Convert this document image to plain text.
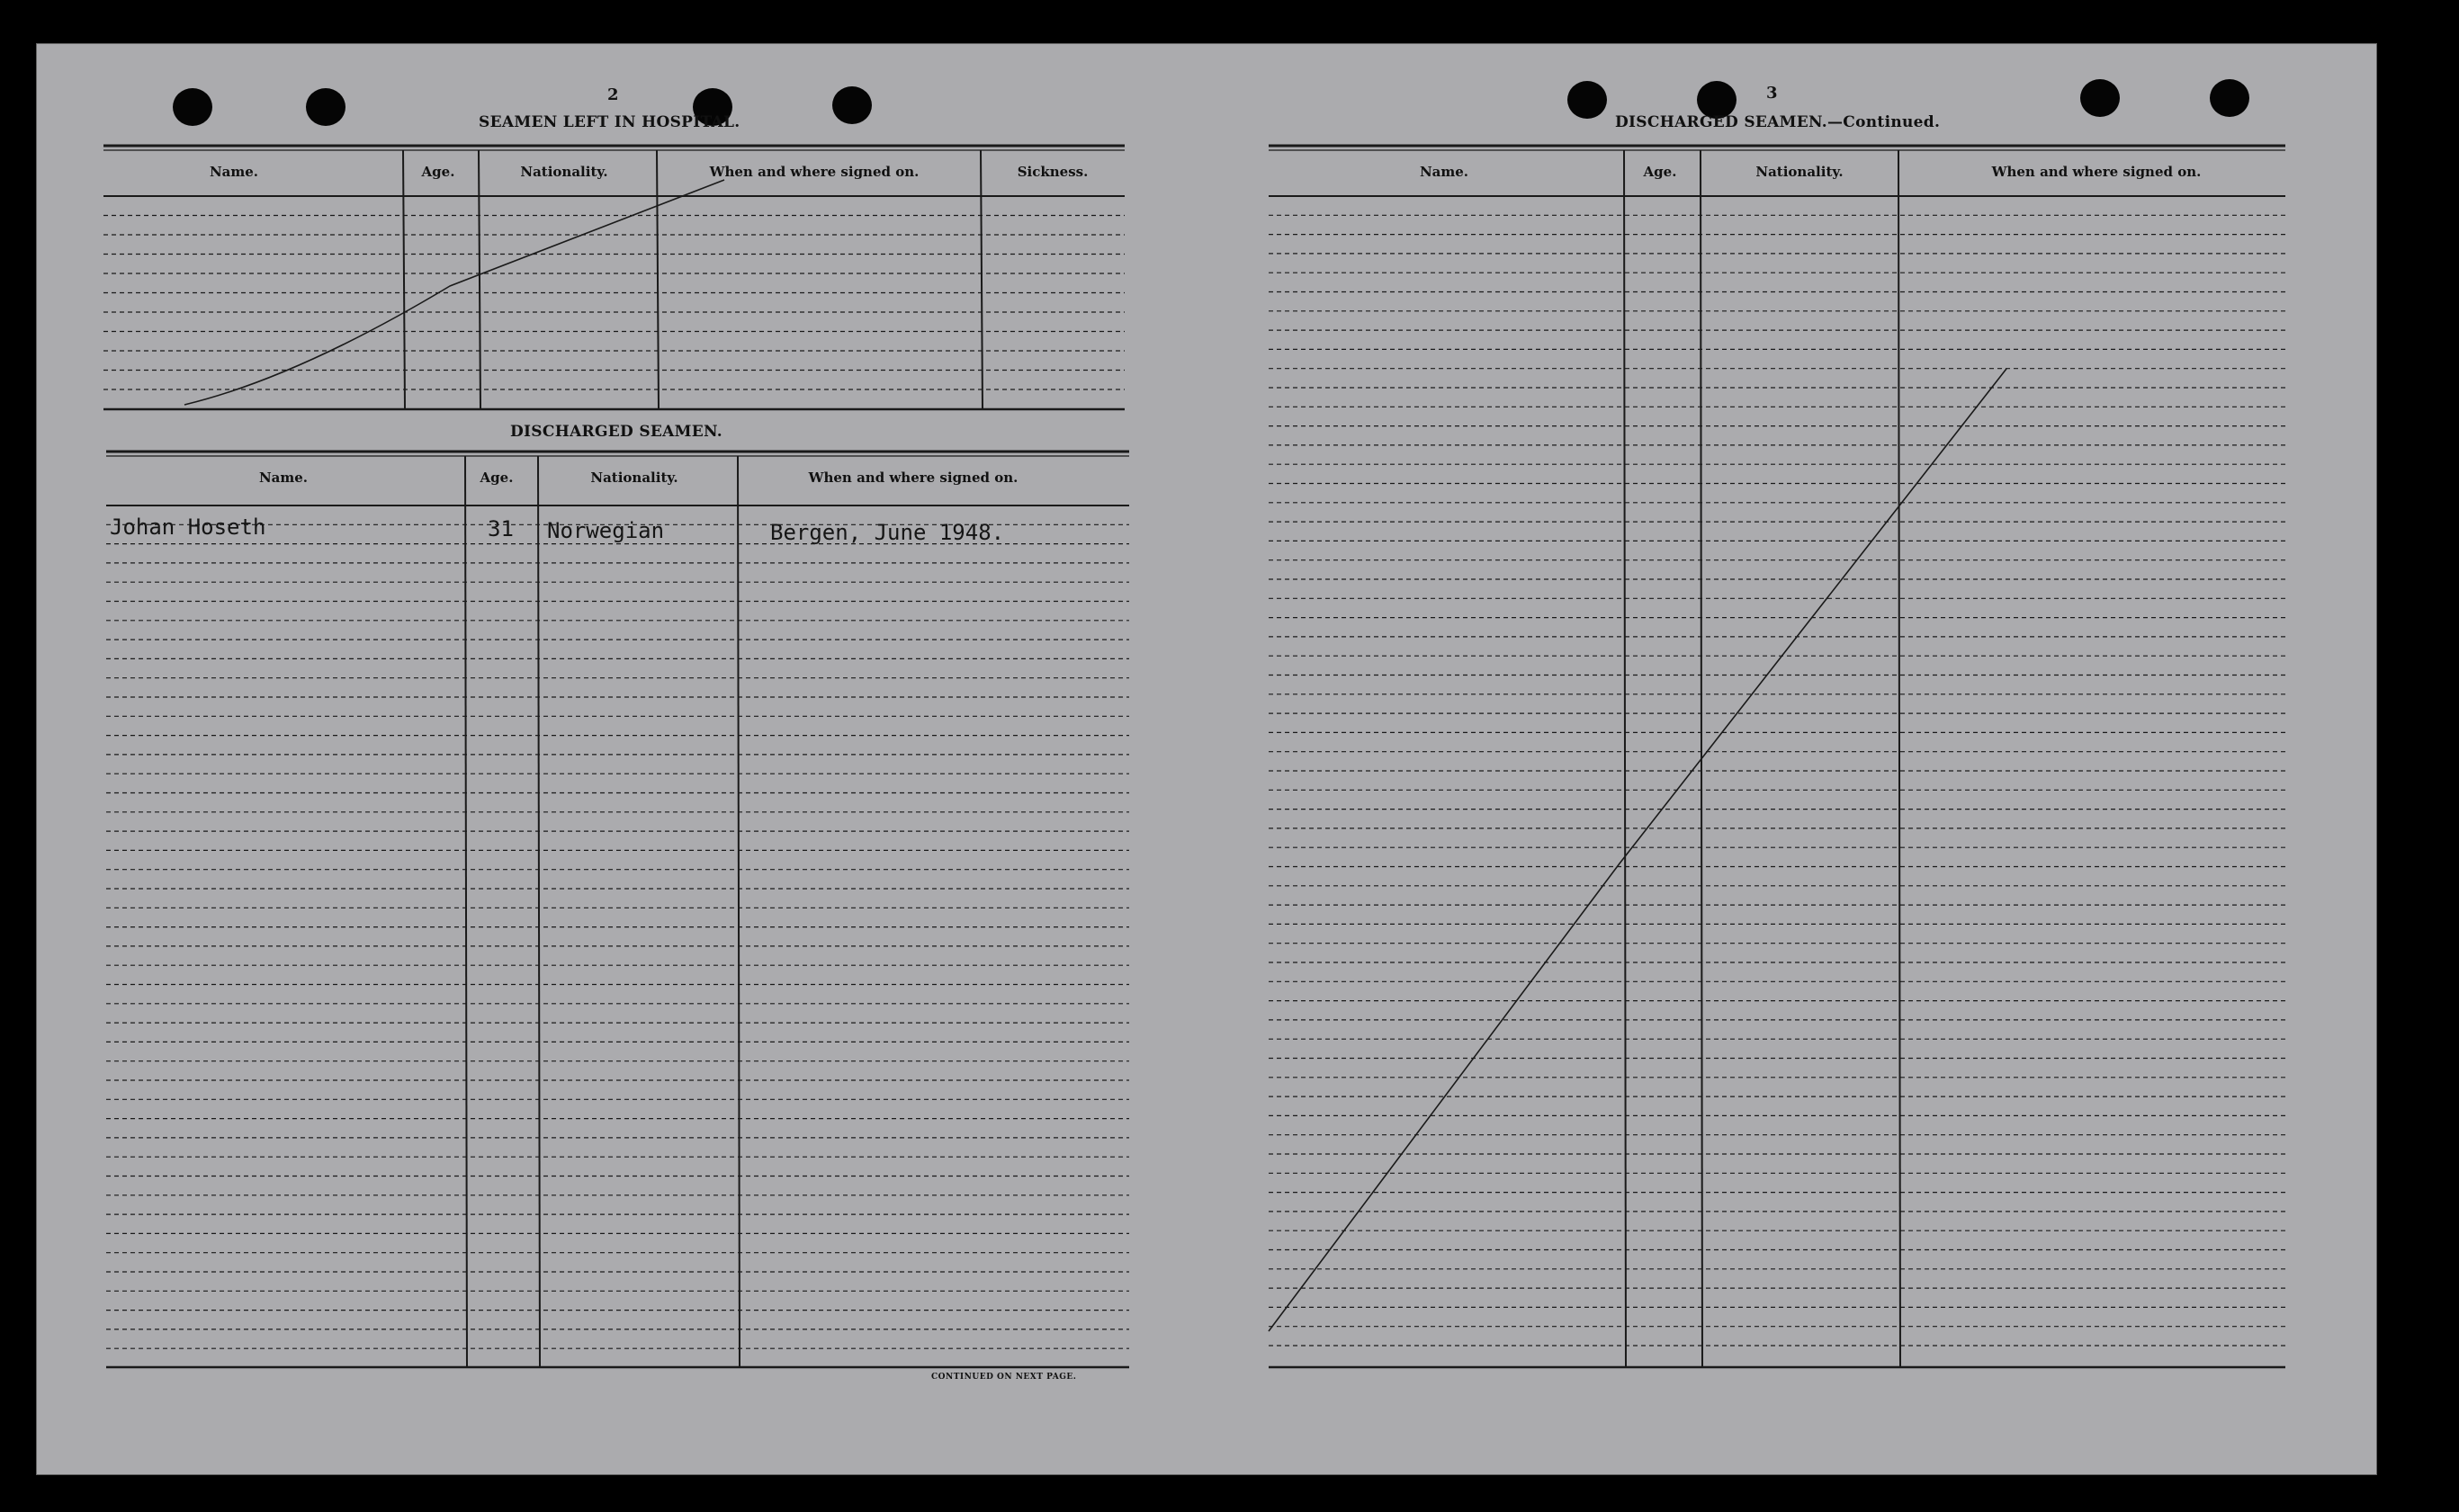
2
SEAMEN LEFT IN HOSPITAL.
Name.	Age.	Nationality.	When and where signed on.	Sickness.
DISCHARGED SEAMEN.
Name.	Age.	Nationality.	When and where signed on.
Johan Hoseth	31 Norwegian	Bergen, June 1948.
CONTINUED ON NEXT PAGE.
3
DISCHARGED SEAMEN.—Continued.
Name.	Age.	Nationality.	When and where signed on.
